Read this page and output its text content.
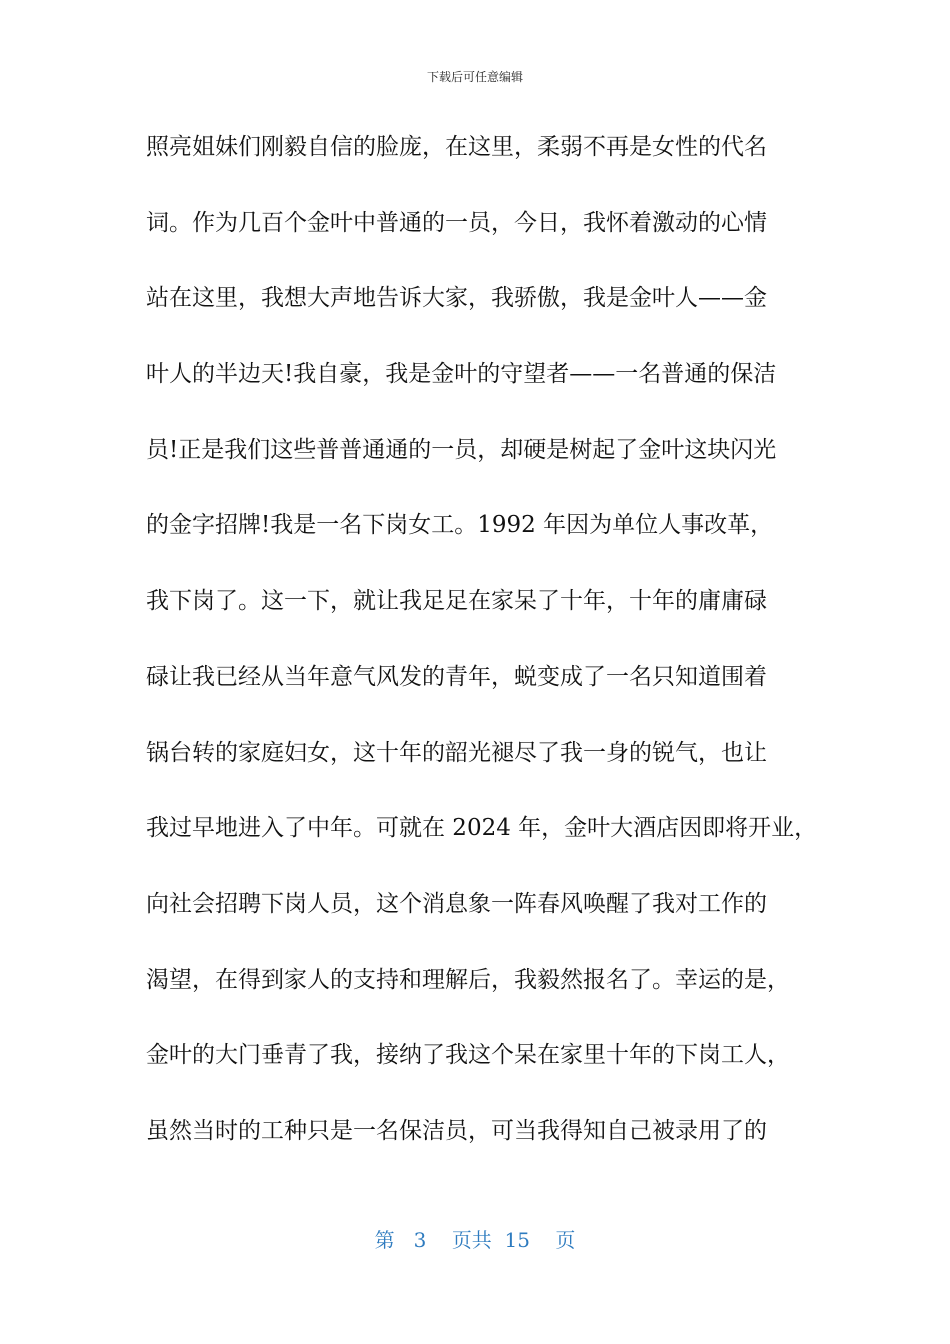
下载后可任意编辑
照亮姐妹们刚毅自信的脸庞，在这里，柔弱不再是女性的代名
词。作为几百个金叶中普通的一员，今日，我怀着激动的心情
站在这里，我想大声地告诉大家，我骄傲，我是金叶人——金
叶人的半边天!我自豪，我是金叶的守望者——一名普通的保洁
员!正是我们这些普普通通的一员，却硬是树起了金叶这块闪光
的金字招牌!我是一名下岗女工。1992 年因为单位人事改革，
我下岗了。这一下，就让我足足在家呆了十年，十年的庸庸碌
碌让我已经从当年意气风发的青年，蜕变成了一名只知道围着
锅台转的家庭妇女，这十年的韶光褪尽了我一身的锐气，也让
我过早地进入了中年。可就在 2024 年，金叶大酒店因即将开业，
向社会招聘下岗人员，这个消息象一阵春风唤醒了我对工作的
渴望，在得到家人的支持和理解后，我毅然报名了。幸运的是，
金叶的大门垂青了我，接纳了我这个呆在家里十年的下岗工人，
虽然当时的工种只是一名保洁员，可当我得知自己被录用了的
第 3 页共 15 页
